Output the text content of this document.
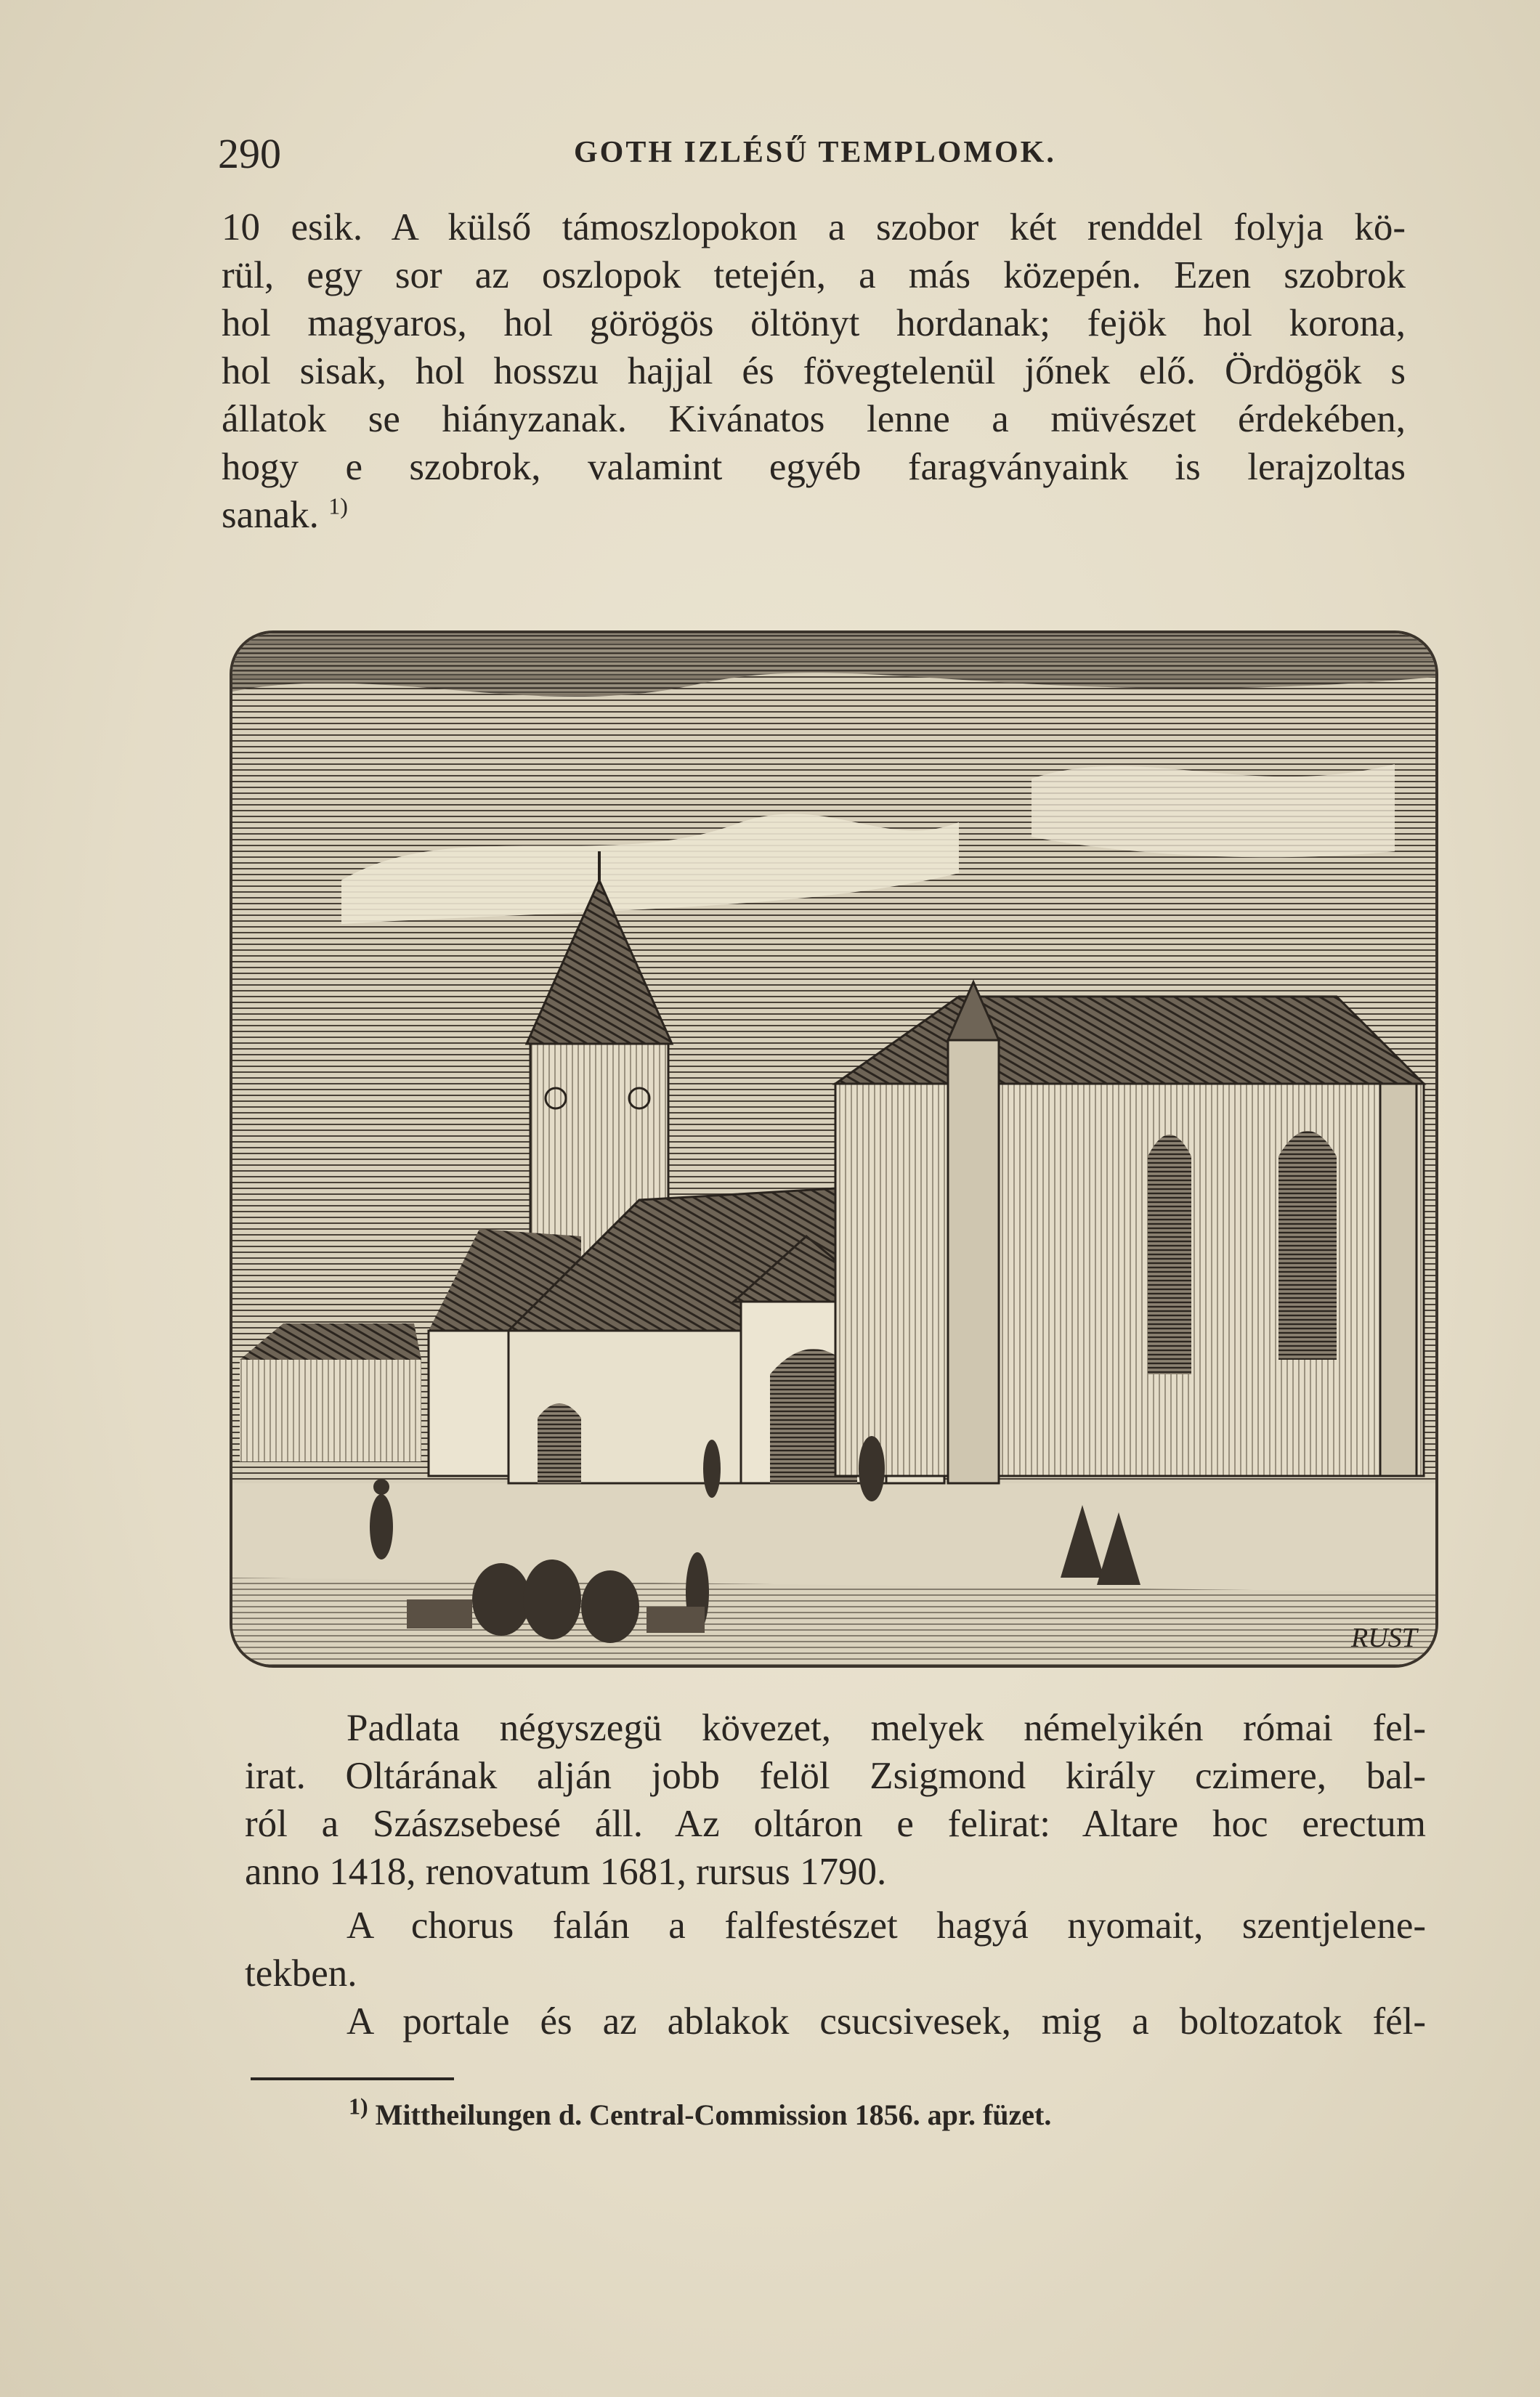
290	GOTH IZLÉSŰ TEMPLOMOK.
10 esik. A külső támoszlopokon a szobor két renddel folyja kö-
rül, egy sor az oszlopok tetején, a más közepén. Ezen szobrok
hol magyaros, hol görögös öltönyt hordanak; fejök hol korona,
hol sisak, hol hosszu hajjal és fövegtelenül jőnek elő. Ördögök s
állatok se hiányzanak. Kivánatos lenne a müvészet érdekében,
hogy e szobrok, valamint egyéb faragványaink is lerajzoltas
sanak. $^{1)}$
RUST
Padlata négyszegü kövezet, melyek némelyikén római fel-
irat. Oltárának alján jobb felöl Zsigmond király czimere, bal-
ról a Szászsebesé áll. Az oltáron e felirat: Altare hoc erectum
anno 1418, renovatum 1681, rursus 1790.
A chorus falán a falfestészet hagyá nyomait, szentjelene-
tekben.
A portale és az ablakok csucsivesek, mig a boltozatok fél-
$^{1)}$ Mittheilungen d. Central-Commission 1856. apr. füzet.
